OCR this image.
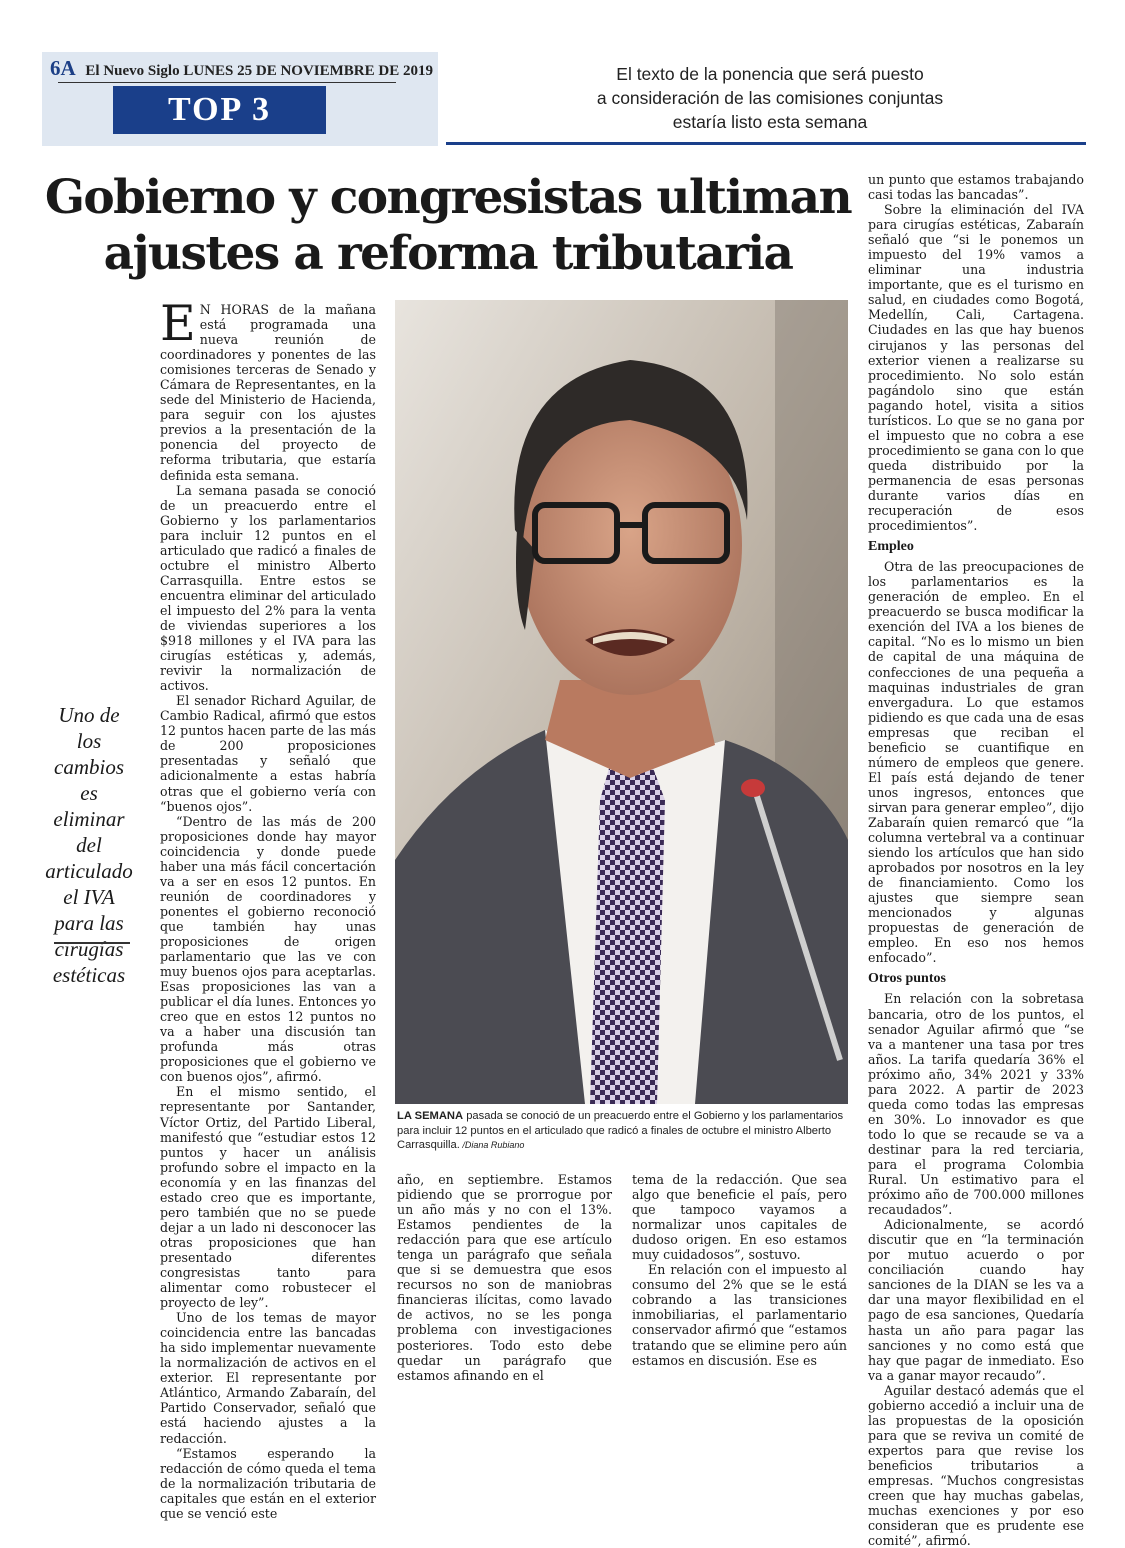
6A El Nuevo Siglo LUNES 25 DE NOVIEMBRE DE 2019
TOP 3
El texto de la ponencia que será puesto
a consideración de las comisiones conjuntas
estaría listo esta semana
Gobierno y congresistas ultiman ajustes a reforma tributaria

E N HORAS de la mañana está programada una nueva reunión de coordinadores y ponentes de las comisiones terceras de Senado y Cámara de Representantes, en la sede del Ministerio de Hacienda, para seguir con los ajustes previos a la presentación de la ponencia del proyecto de reforma tributaria, que estaría definida esta semana.

La semana pasada se conoció de un preacuerdo entre el Gobierno y los parlamentarios para incluir 12 puntos en el articulado que radicó a finales de octubre el ministro Alberto Carrasquilla. Entre estos se encuentra eliminar del articulado el impuesto del 2% para la venta de viviendas superiores a los $918 millones y el IVA para las cirugías estéticas y, además, revivir la normalización de activos.

El senador Richard Aguilar, de Cambio Radical, afirmó que estos 12 puntos hacen parte de las más de 200 proposiciones presentadas y señaló que adicionalmente a estas habría otras que el gobierno vería con “buenos ojos”.

“Dentro de las más de 200 proposiciones donde hay mayor coincidencia y donde puede haber una más fácil concertación va a ser en esos 12 puntos. En reunión de coordinadores y ponentes el gobierno reconoció que también hay unas proposiciones de origen parlamentario que las ve con muy buenos ojos para aceptarlas. Esas proposiciones las van a publicar el día lunes. Entonces yo creo que en estos 12 puntos no va a haber una discusión tan profunda más otras proposiciones que el gobierno ve con buenos ojos”, afirmó.

En el mismo sentido, el representante por Santander, Víctor Ortiz, del Partido Liberal, manifestó que “estudiar estos 12 puntos y hacer un análisis profundo sobre el impacto en la economía y en las finanzas del estado creo que es importante, pero también que no se puede dejar a un lado ni desconocer las otras proposiciones que han presentado diferentes congresistas tanto para alimentar como robustecer el proyecto de ley”.

Uno de los temas de mayor coincidencia entre las bancadas ha sido implementar nuevamente la normalización de activos en el exterior. El representante por Atlántico, Armando Zabaraín, del Partido Conservador, señaló que está haciendo ajustes a la redacción.

“Estamos esperando la redacción de cómo queda el tema de la normalización tributaria de capitales que están en el exterior que se venció este

Uno de los cambios es eliminar del articulado el IVA para las cirugías estéticas
LA SEMANA pasada se conoció de un preacuerdo entre el Gobierno y los parlamentarios para incluir 12 puntos en el articulado que radicó a finales de octubre el ministro Alberto Carrasquilla. /Diana Rubiano

año, en septiembre. Estamos pidiendo que se prorrogue por un año más y no con el 13%. Estamos pendientes de la redacción para que ese artículo tenga un parágrafo que señala que si se demuestra que esos recursos no son de maniobras financieras ilícitas, como lavado de activos, no se les ponga problema con investigaciones posteriores. Todo esto debe quedar un parágrafo que estamos afinando en el

tema de la redacción. Que sea algo que beneficie el país, pero que tampoco vayamos a normalizar unos capitales de dudoso origen. En eso estamos muy cuidadosos”, sostuvo.

En relación con el impuesto al consumo del 2% que se le está cobrando a las transiciones inmobiliarias, el parlamentario conservador afirmó que “estamos tratando que se elimine pero aún estamos en discusión. Ese es

un punto que estamos trabajando casi todas las bancadas”.

Sobre la eliminación del IVA para cirugías estéticas, Zabaraín señaló que “si le ponemos un impuesto del 19% vamos a eliminar una industria importante, que es el turismo en salud, en ciudades como Bogotá, Medellín, Cali, Cartagena. Ciudades en las que hay buenos cirujanos y las personas del exterior vienen a realizarse su procedimiento. No solo están pagándolo sino que están pagando hotel, visita a sitios turísticos. Lo que se no gana por el impuesto que no cobra a ese procedimiento se gana con lo que queda distribuido por la permanencia de esas personas durante varios días en recuperación de esos procedimientos”.

Empleo

Otra de las preocupaciones de los parlamentarios es la generación de empleo. En el preacuerdo se busca modificar la exención del IVA a los bienes de capital. “No es lo mismo un bien de capital de una máquina de confecciones de una pequeña a maquinas industriales de gran envergadura. Lo que estamos pidiendo es que cada una de esas empresas que reciban el beneficio se cuantifique en número de empleos que genere. El país está dejando de tener unos ingresos, entonces que sirvan para generar empleo”, dijo Zabaraín quien remarcó que “la columna vertebral va a continuar siendo los artículos que han sido aprobados por nosotros en la ley de financiamiento. Como los ajustes que siempre sean mencionados y algunas propuestas de generación de empleo. En eso nos hemos enfocado”.

Otros puntos

En relación con la sobretasa bancaria, otro de los puntos, el senador Aguilar afirmó que “se va a mantener una tasa por tres años. La tarifa quedaría 36% el próximo año, 34% 2021 y 33% para 2022. A partir de 2023 queda como todas las empresas en 30%. Lo innovador es que todo lo que se recaude se va a destinar para la red terciaria, para el programa Colombia Rural. Un estimativo para el próximo año de 700.000 millones recaudados”.

Adicionalmente, se acordó discutir que en “la terminación por mutuo acuerdo o por conciliación cuando hay sanciones de la DIAN se les va a dar una mayor flexibilidad en el pago de esa sanciones, Quedaría hasta un año para pagar las sanciones y no como está que hay que pagar de inmediato. Eso va a ganar mayor recaudo”.

Aguilar destacó además que el gobierno accedió a incluir una de las propuestas de la oposición para que se reviva un comité de expertos para que revise los beneficios tributarios a empresas. “Muchos congresistas creen que hay muchas gabelas, muchas exenciones y por eso consideran que es prudente ese comité”, afirmó.
